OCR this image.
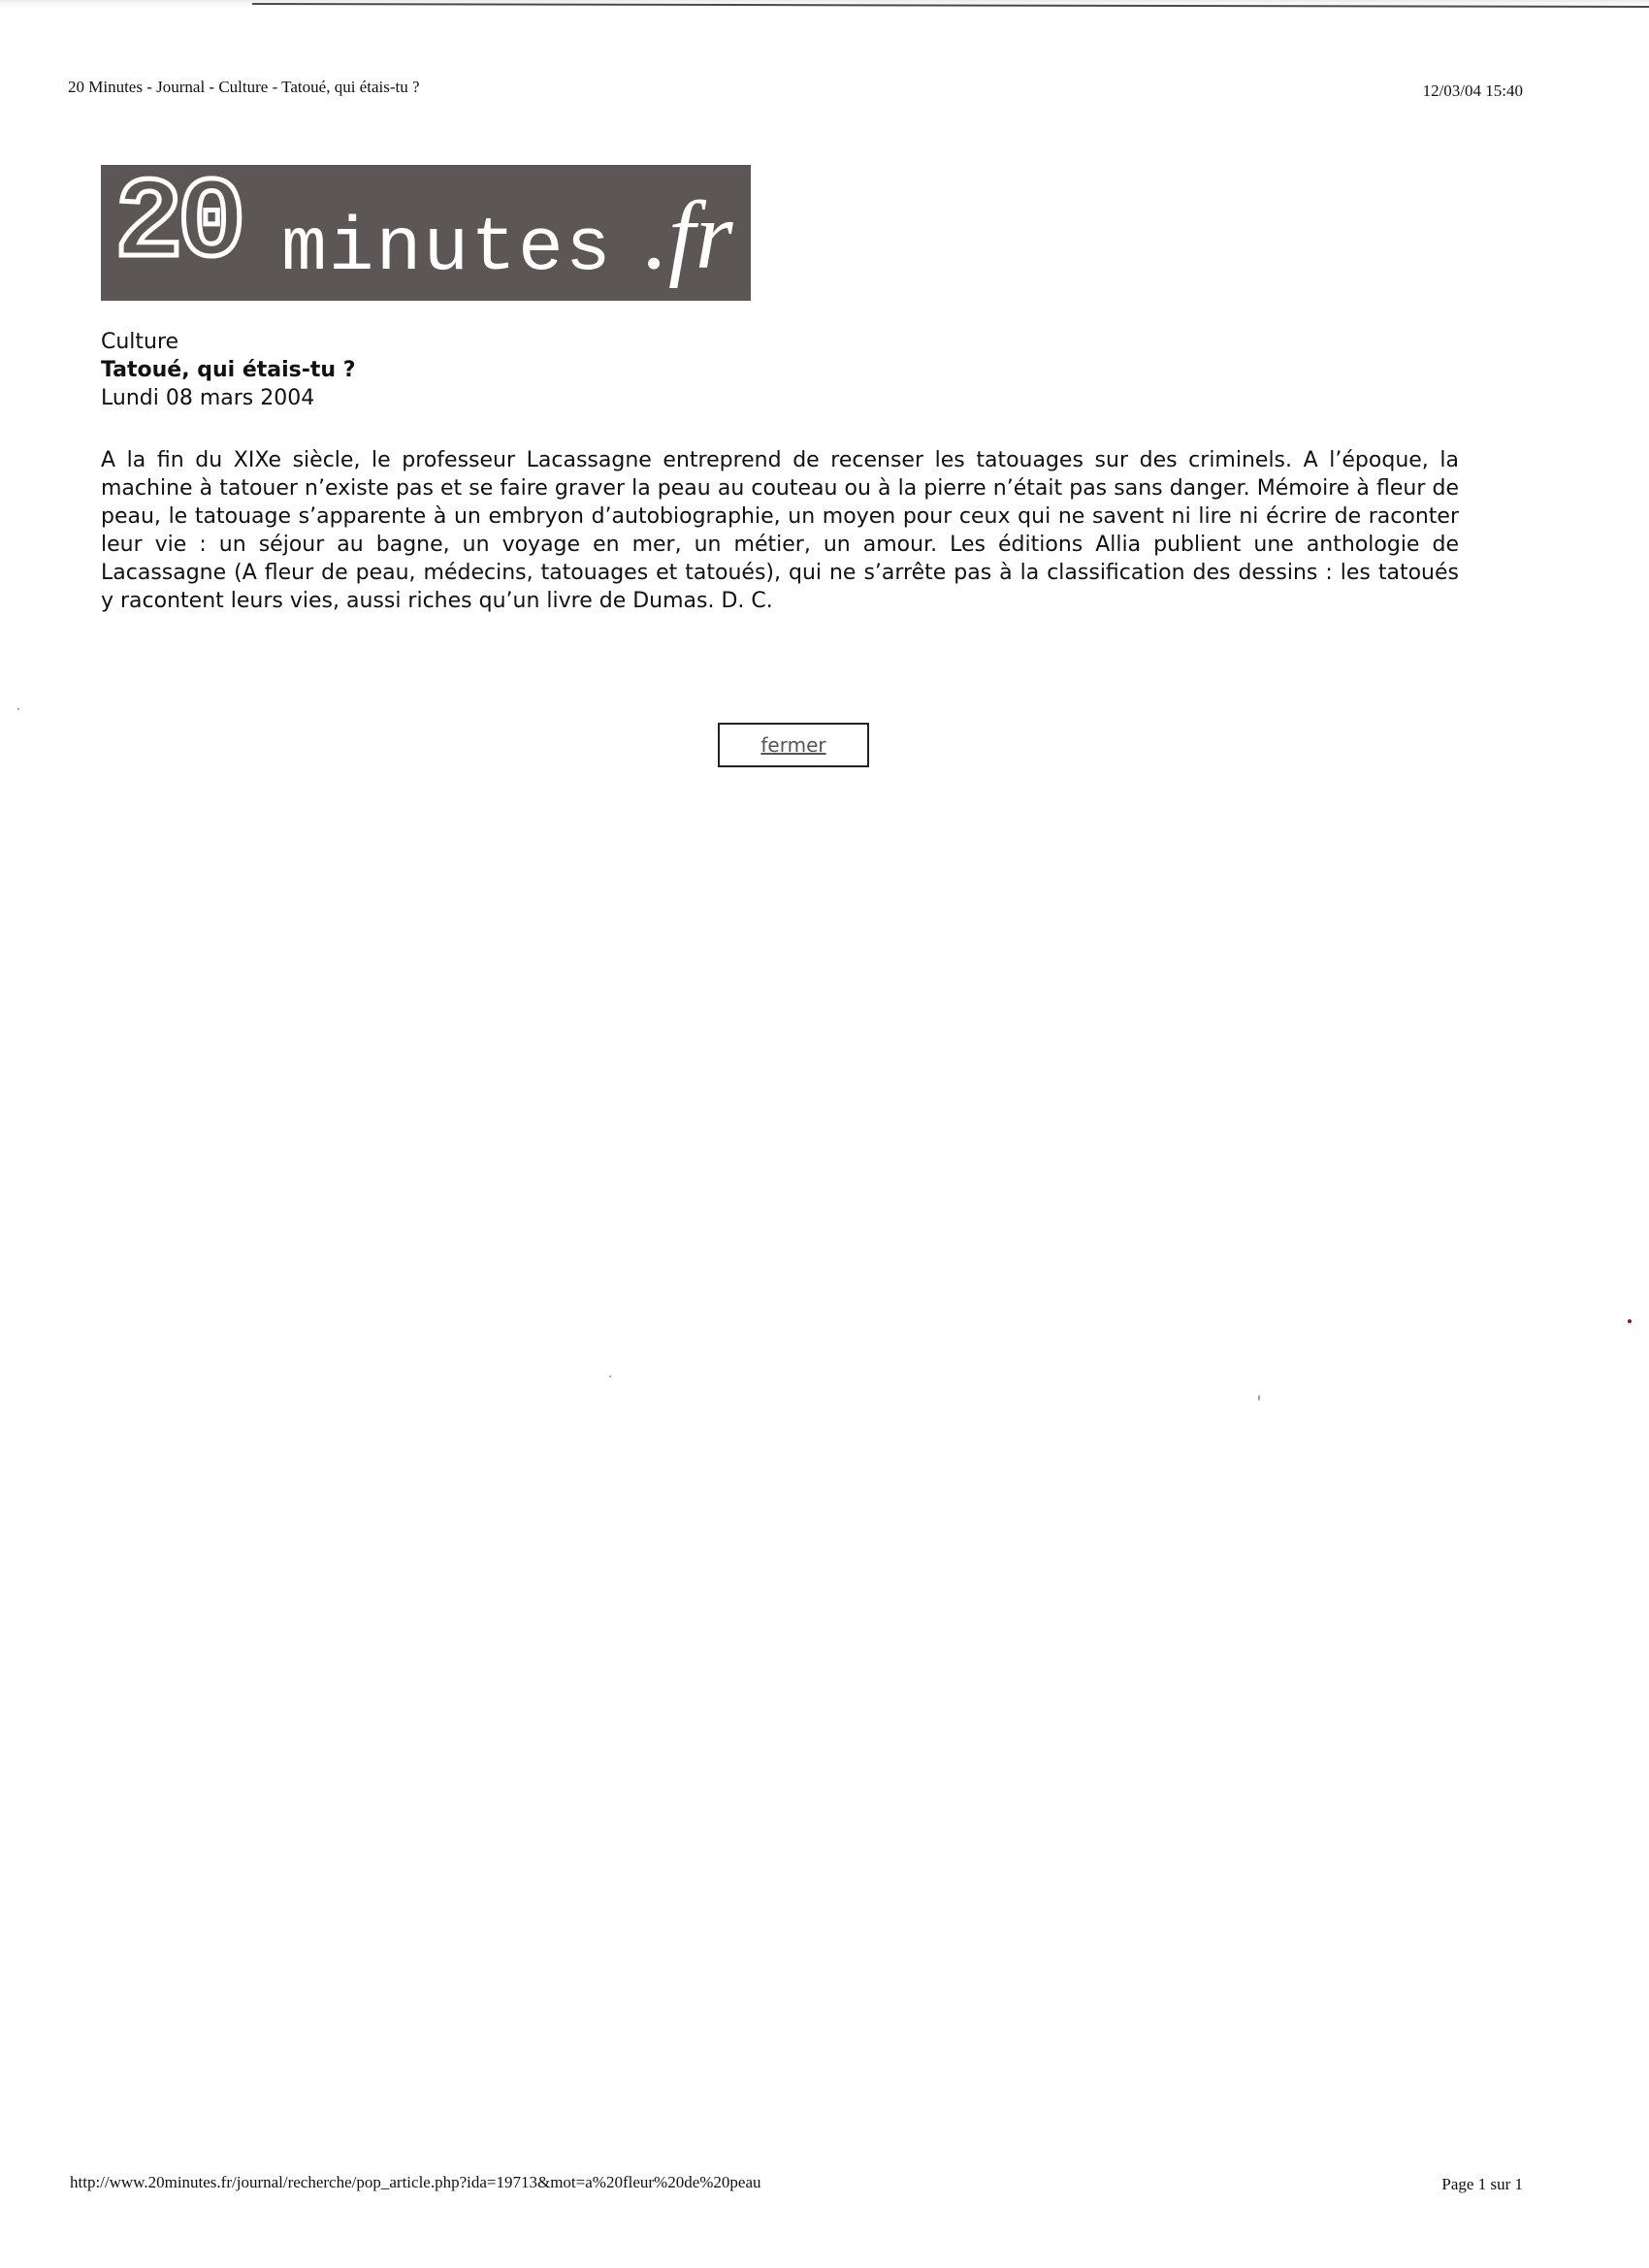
20 Minutes - Journal - Culture - Tatoué, qui étais-tu ?	12/03/04 15:40
20 minutes .fr
Culture
Tatoué, qui étais-tu ?
Lundi 08 mars 2004

A la fin du XIXe siècle, le professeur Lacassagne entreprend de recenser les tatouages sur des criminels. A l’époque, la machine à tatouer n’existe pas et se faire graver la peau au couteau ou à la pierre n’était pas sans danger. Mémoire à fleur de peau, le tatouage s’apparente à un embryon d’autobiographie, un moyen pour ceux qui ne savent ni lire ni écrire de raconter leur vie : un séjour au bagne, un voyage en mer, un métier, un amour. Les éditions Allia publient une anthologie de Lacassagne (A fleur de peau, médecins, tatouages et tatoués), qui ne s’arrête pas à la classification des dessins : les tatoués y racontent leurs vies, aussi riches qu’un livre de Dumas. D. C.

fermer
http://www.20minutes.fr/journal/recherche/pop_article.php?ida=19713&mot=a%20fleur%20de%20peau	Page 1 sur 1
